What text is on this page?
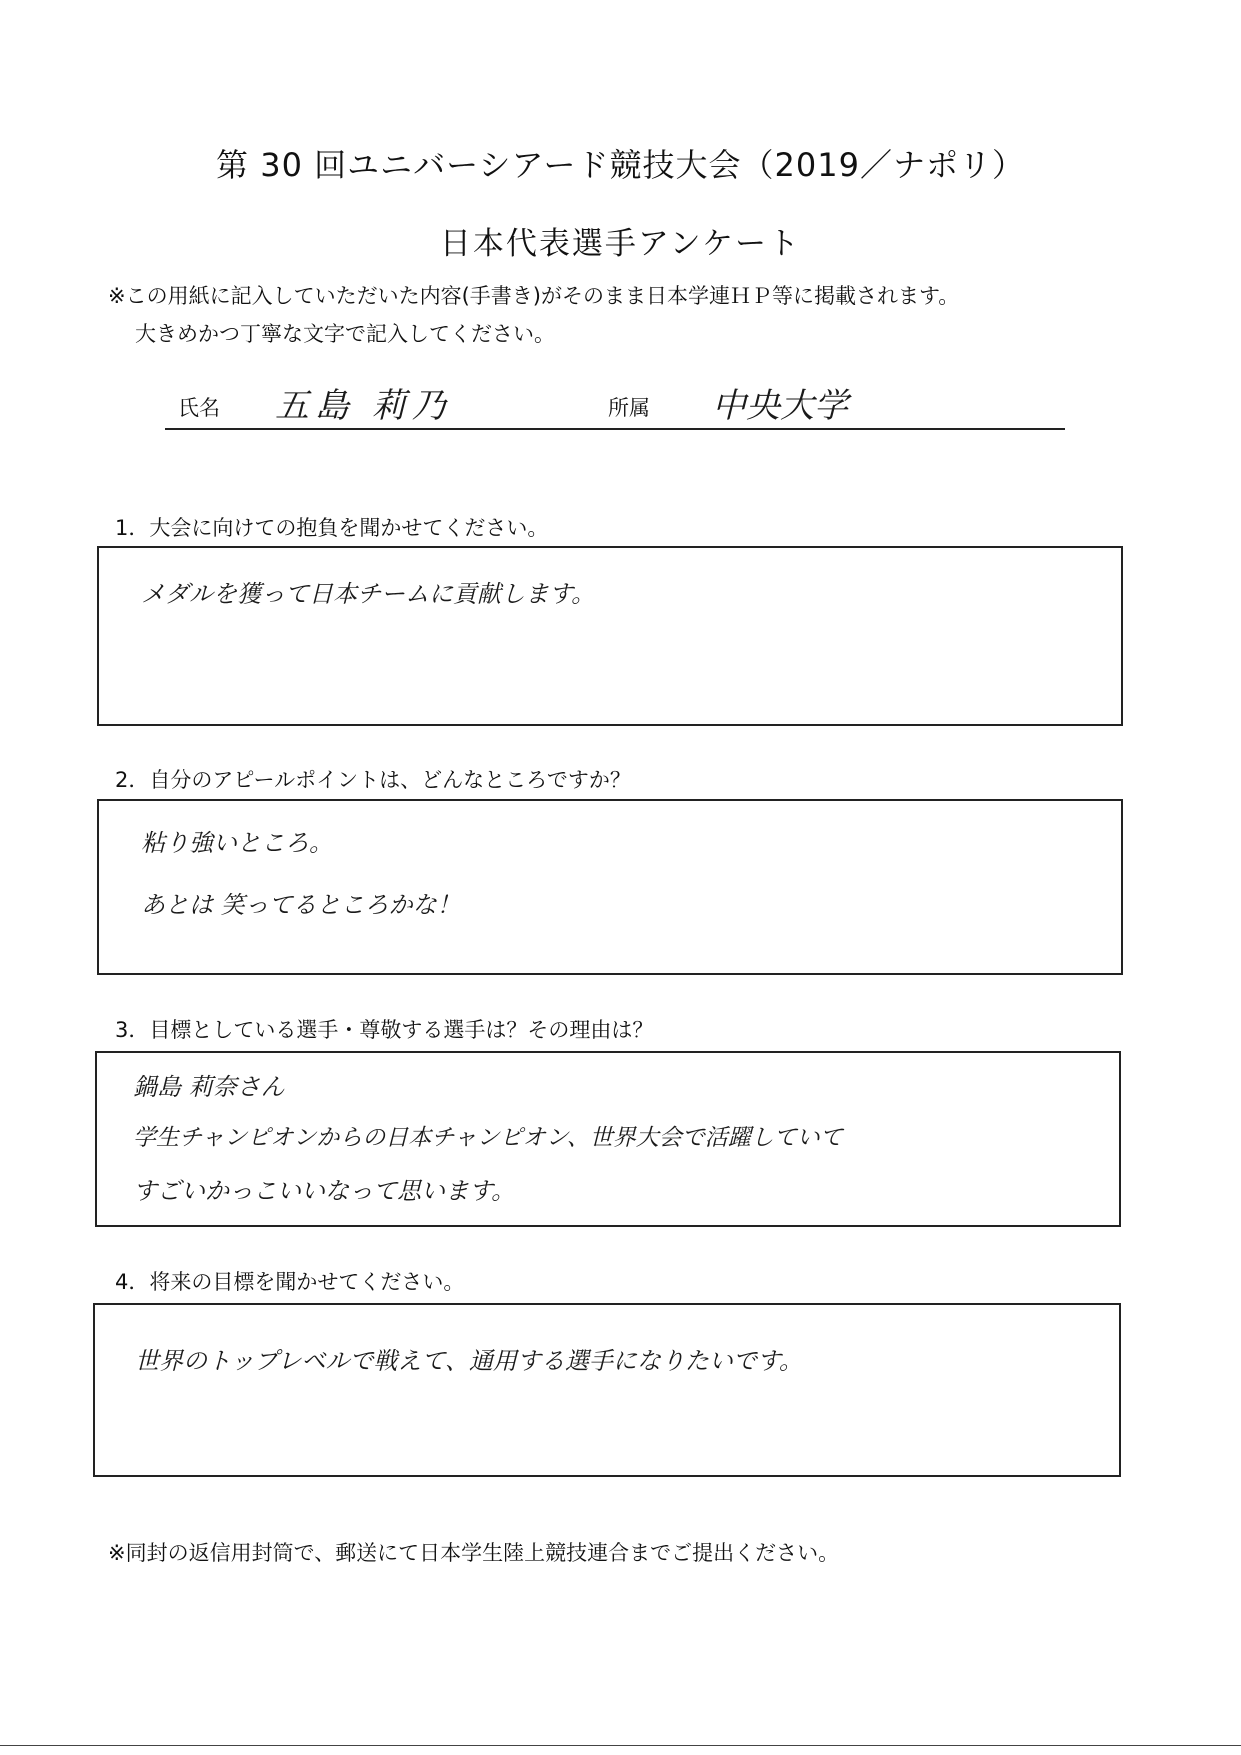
第 30 回ユニバーシアード競技大会（2019／ナポリ）
日本代表選手アンケート
※この用紙に記入していただいた内容(手書き)がそのまま日本学連ＨＰ等に掲載されます。
大きめかつ丁寧な文字で記入してください。
氏名 五島 莉乃	所属 中央大学
1．大会に向けての抱負を聞かせてください。
メダルを獲って日本チームに貢献します。
2．自分のアピールポイントは、どんなところですか？
粘り強いところ。
あとは 笑ってるところかな！
3．目標としている選手・尊敬する選手は？その理由は？
鍋島 莉奈さん
学生チャンピオンからの日本チャンピオン、世界大会で活躍していて
すごいかっこいいなって思います。
4．将来の目標を聞かせてください。
世界のトップレベルで戦えて、通用する選手になりたいです。
※同封の返信用封筒で、郵送にて日本学生陸上競技連合までご提出ください。
